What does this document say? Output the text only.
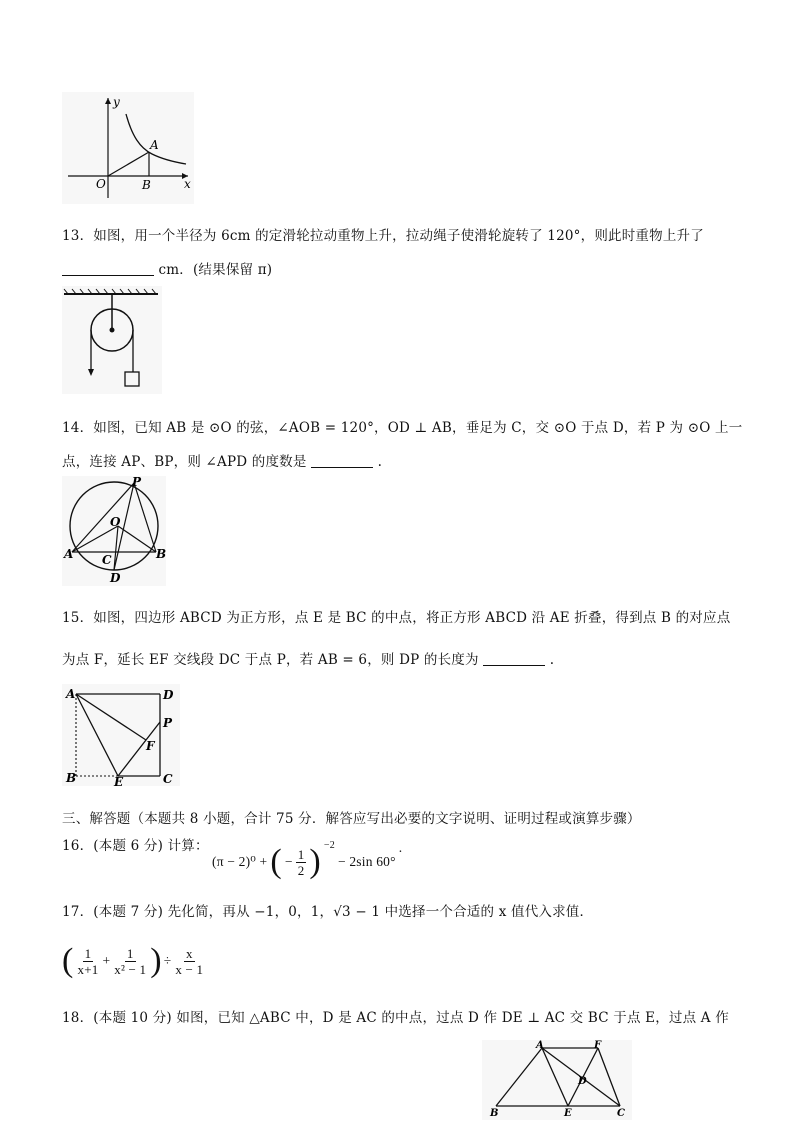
y
A
O	B	x
13．如图，用一个半径为 6cm 的定滑轮拉动重物上升，拉动绳子使滑轮旋转了 120°，则此时重物上升了
cm．(结果保留 π)
14．如图，已知 AB 是 ⊙O 的弦，∠AOB = 120°，OD ⊥ AB，垂足为 C，交 ⊙O 于点 D，若 P 为 ⊙O 上一
点，连接 AP、BP，则 ∠APD 的度数是	.
P
O
A C	B
D
15．如图，四边形 ABCD 为正方形，点 E 是 BC 的中点，将正方形 ABCD 沿 AE 折叠，得到点 B 的对应点
为点 F，延长 EF 交线段 DC 于点 P，若 AB = 6，则 DP 的长度为	.
A	D
P
F
B	E	C
三、解答题（本题共 8 小题，合计 75 分．解答应写出必要的文字说明、证明过程或演算步骤）
16．(本题 6 分) 计算：
(π − 2)⁰ + ( − $\frac{1}{2}$ ) $^{-2}$
− 2sin 60°
.
17．(本题 7 分) 先化简，再从 −1，0，1，√3 − 1 中选择一个合适的 x 值代入求值．
( $\frac{1}{x+1} + \frac{1}{\text{x² − 1}}$ ) ÷ $\frac{x}{x - 1}$
18．(本题 10 分) 如图，已知 △ABC 中，D 是 AC 的中点，过点 D 作 DE ⊥ AC 交 BC 于点 E，过点 A 作
A	F
D
B	E	C
